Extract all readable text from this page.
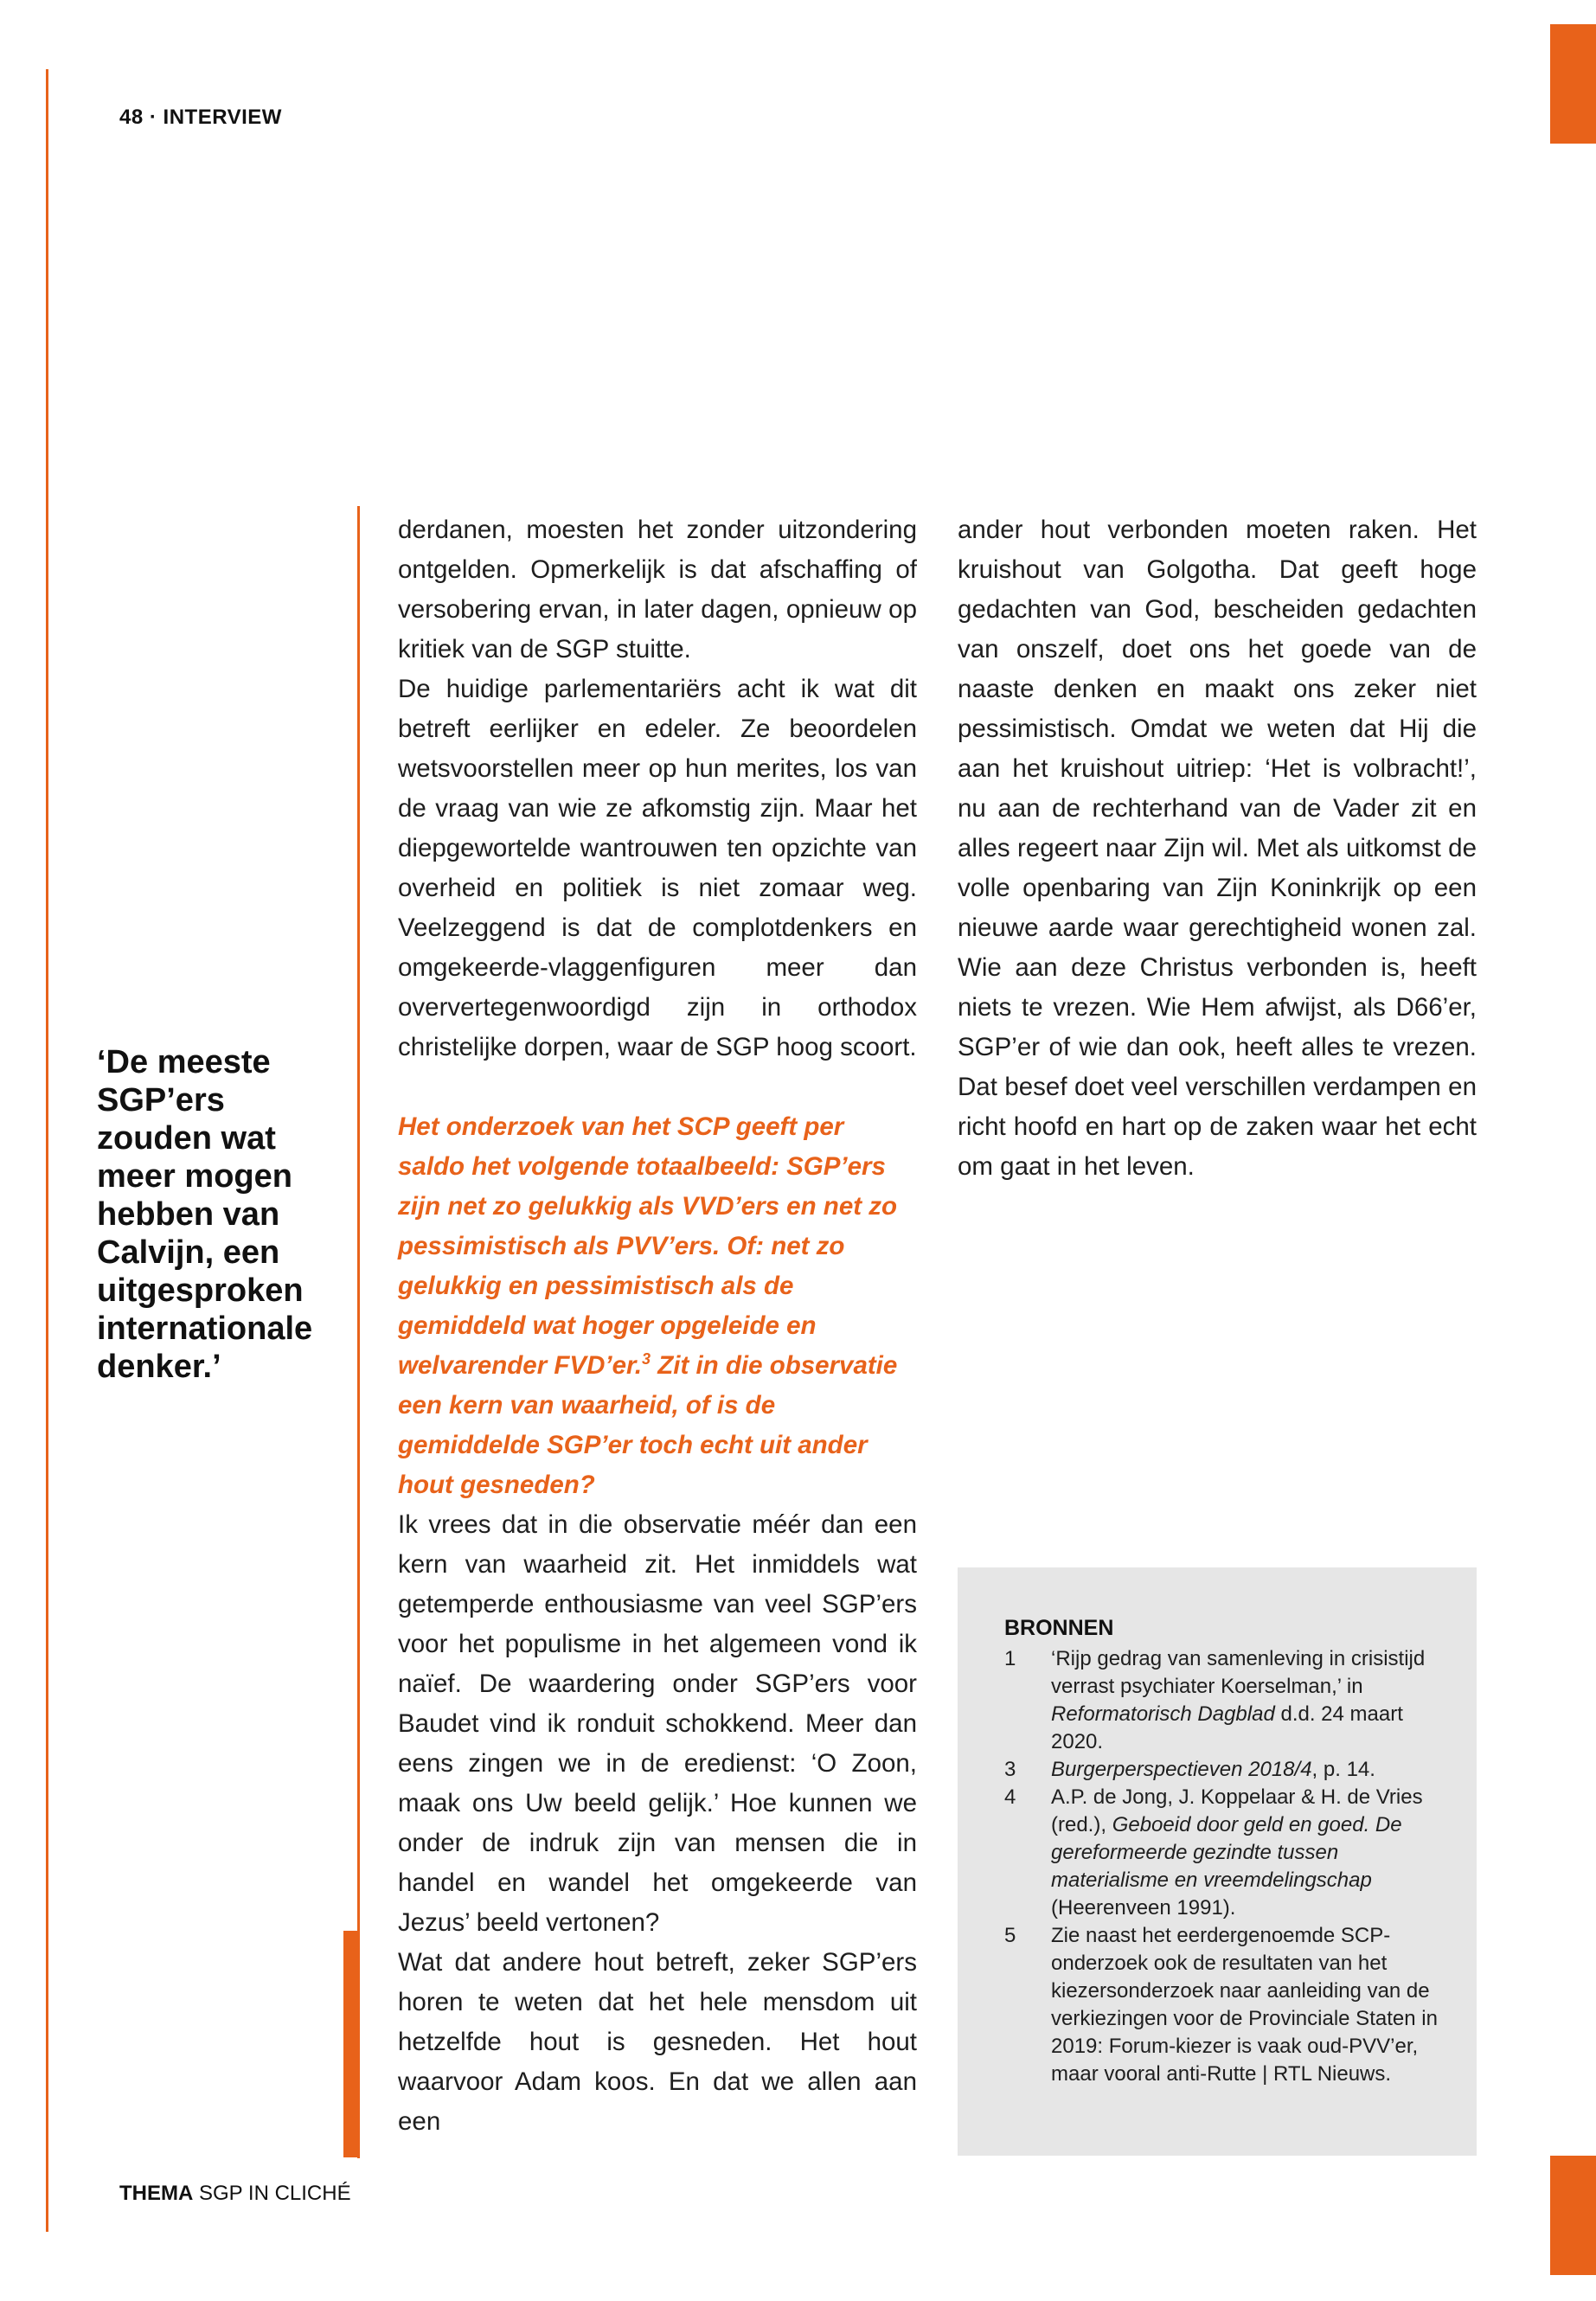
48 · INTERVIEW
‘De meeste SGP’ers zouden wat meer mogen hebben van Calvijn, een uitgesproken internationale denker.’

derdanen, moesten het zonder uitzondering ontgelden. Opmerkelijk is dat afschaffing of versobering ervan, in later dagen, opnieuw op kritiek van de SGP stuitte.

De huidige parlementariërs acht ik wat dit betreft eerlijker en edeler. Ze beoordelen wetsvoorstellen meer op hun merites, los van de vraag van wie ze afkomstig zijn. Maar het diepgewortelde wantrouwen ten opzichte van overheid en politiek is niet zomaar weg. Veelzeggend is dat de complotdenkers en omgekeerde-vlaggenfiguren meer dan oververtegenwoordigd zijn in orthodox christelijke dorpen, waar de SGP hoog scoort.

Het onderzoek van het SCP geeft per saldo het volgende totaalbeeld: SGP’ers zijn net zo gelukkig als VVD’ers en net zo pessimistisch als PVV’ers. Of: net zo gelukkig en pessimistisch als de gemiddeld wat hoger opgeleide en welvarender FVD’er.$^3$ Zit in die observatie een kern van waarheid, of is de gemiddelde SGP’er toch echt uit ander hout gesneden?

Ik vrees dat in die observatie méér dan een kern van waarheid zit. Het inmiddels wat getemperde enthousiasme van veel SGP’ers voor het populisme in het algemeen vond ik naïef. De waardering onder SGP’ers voor Baudet vind ik ronduit schokkend. Meer dan eens zingen we in de eredienst: ‘O Zoon, maak ons Uw beeld gelijk.’ Hoe kunnen we onder de indruk zijn van mensen die in handel en wandel het omgekeerde van Jezus’ beeld vertonen?

Wat dat andere hout betreft, zeker SGP’ers horen te weten dat het hele mensdom uit hetzelfde hout is gesneden. Het hout waarvoor Adam koos. En dat we allen aan een

ander hout verbonden moeten raken. Het kruishout van Golgotha. Dat geeft hoge gedachten van God, bescheiden gedachten van onszelf, doet ons het goede van de naaste denken en maakt ons zeker niet pessimistisch. Omdat we weten dat Hij die aan het kruishout uitriep: ‘Het is volbracht!’, nu aan de rechterhand van de Vader zit en alles regeert naar Zijn wil. Met als uitkomst de volle openbaring van Zijn Koninkrijk op een nieuwe aarde waar gerechtigheid wonen zal. Wie aan deze Christus verbonden is, heeft niets te vrezen. Wie Hem afwijst, als D66’er, SGP’er of wie dan ook, heeft alles te vrezen. Dat besef doet veel verschillen verdampen en richt hoofd en hart op de zaken waar het echt om gaat in het leven.

BRONNEN
1	‘Rijp gedrag van samenleving in crisistijd verrast psychiater Koerselman,’ in Reformatorisch Dagblad d.d. 24 maart 2020.
3	Burgerperspectieven 2018/4, p. 14.
4	A.P. de Jong, J. Koppelaar & H. de Vries (red.), Geboeid door geld en goed. De gereformeerde gezindte tussen materialisme en vreemdelingschap (Heerenveen 1991).
5	Zie naast het eerdergenoemde SCP-onderzoek ook de resultaten van het kiezersonderzoek naar aanleiding van de verkiezingen voor de Provinciale Staten in 2019: Forum-kiezer is vaak oud-PVV’er, maar vooral anti-Rutte | RTL Nieuws.
THEMA SGP IN CLICHÉ
